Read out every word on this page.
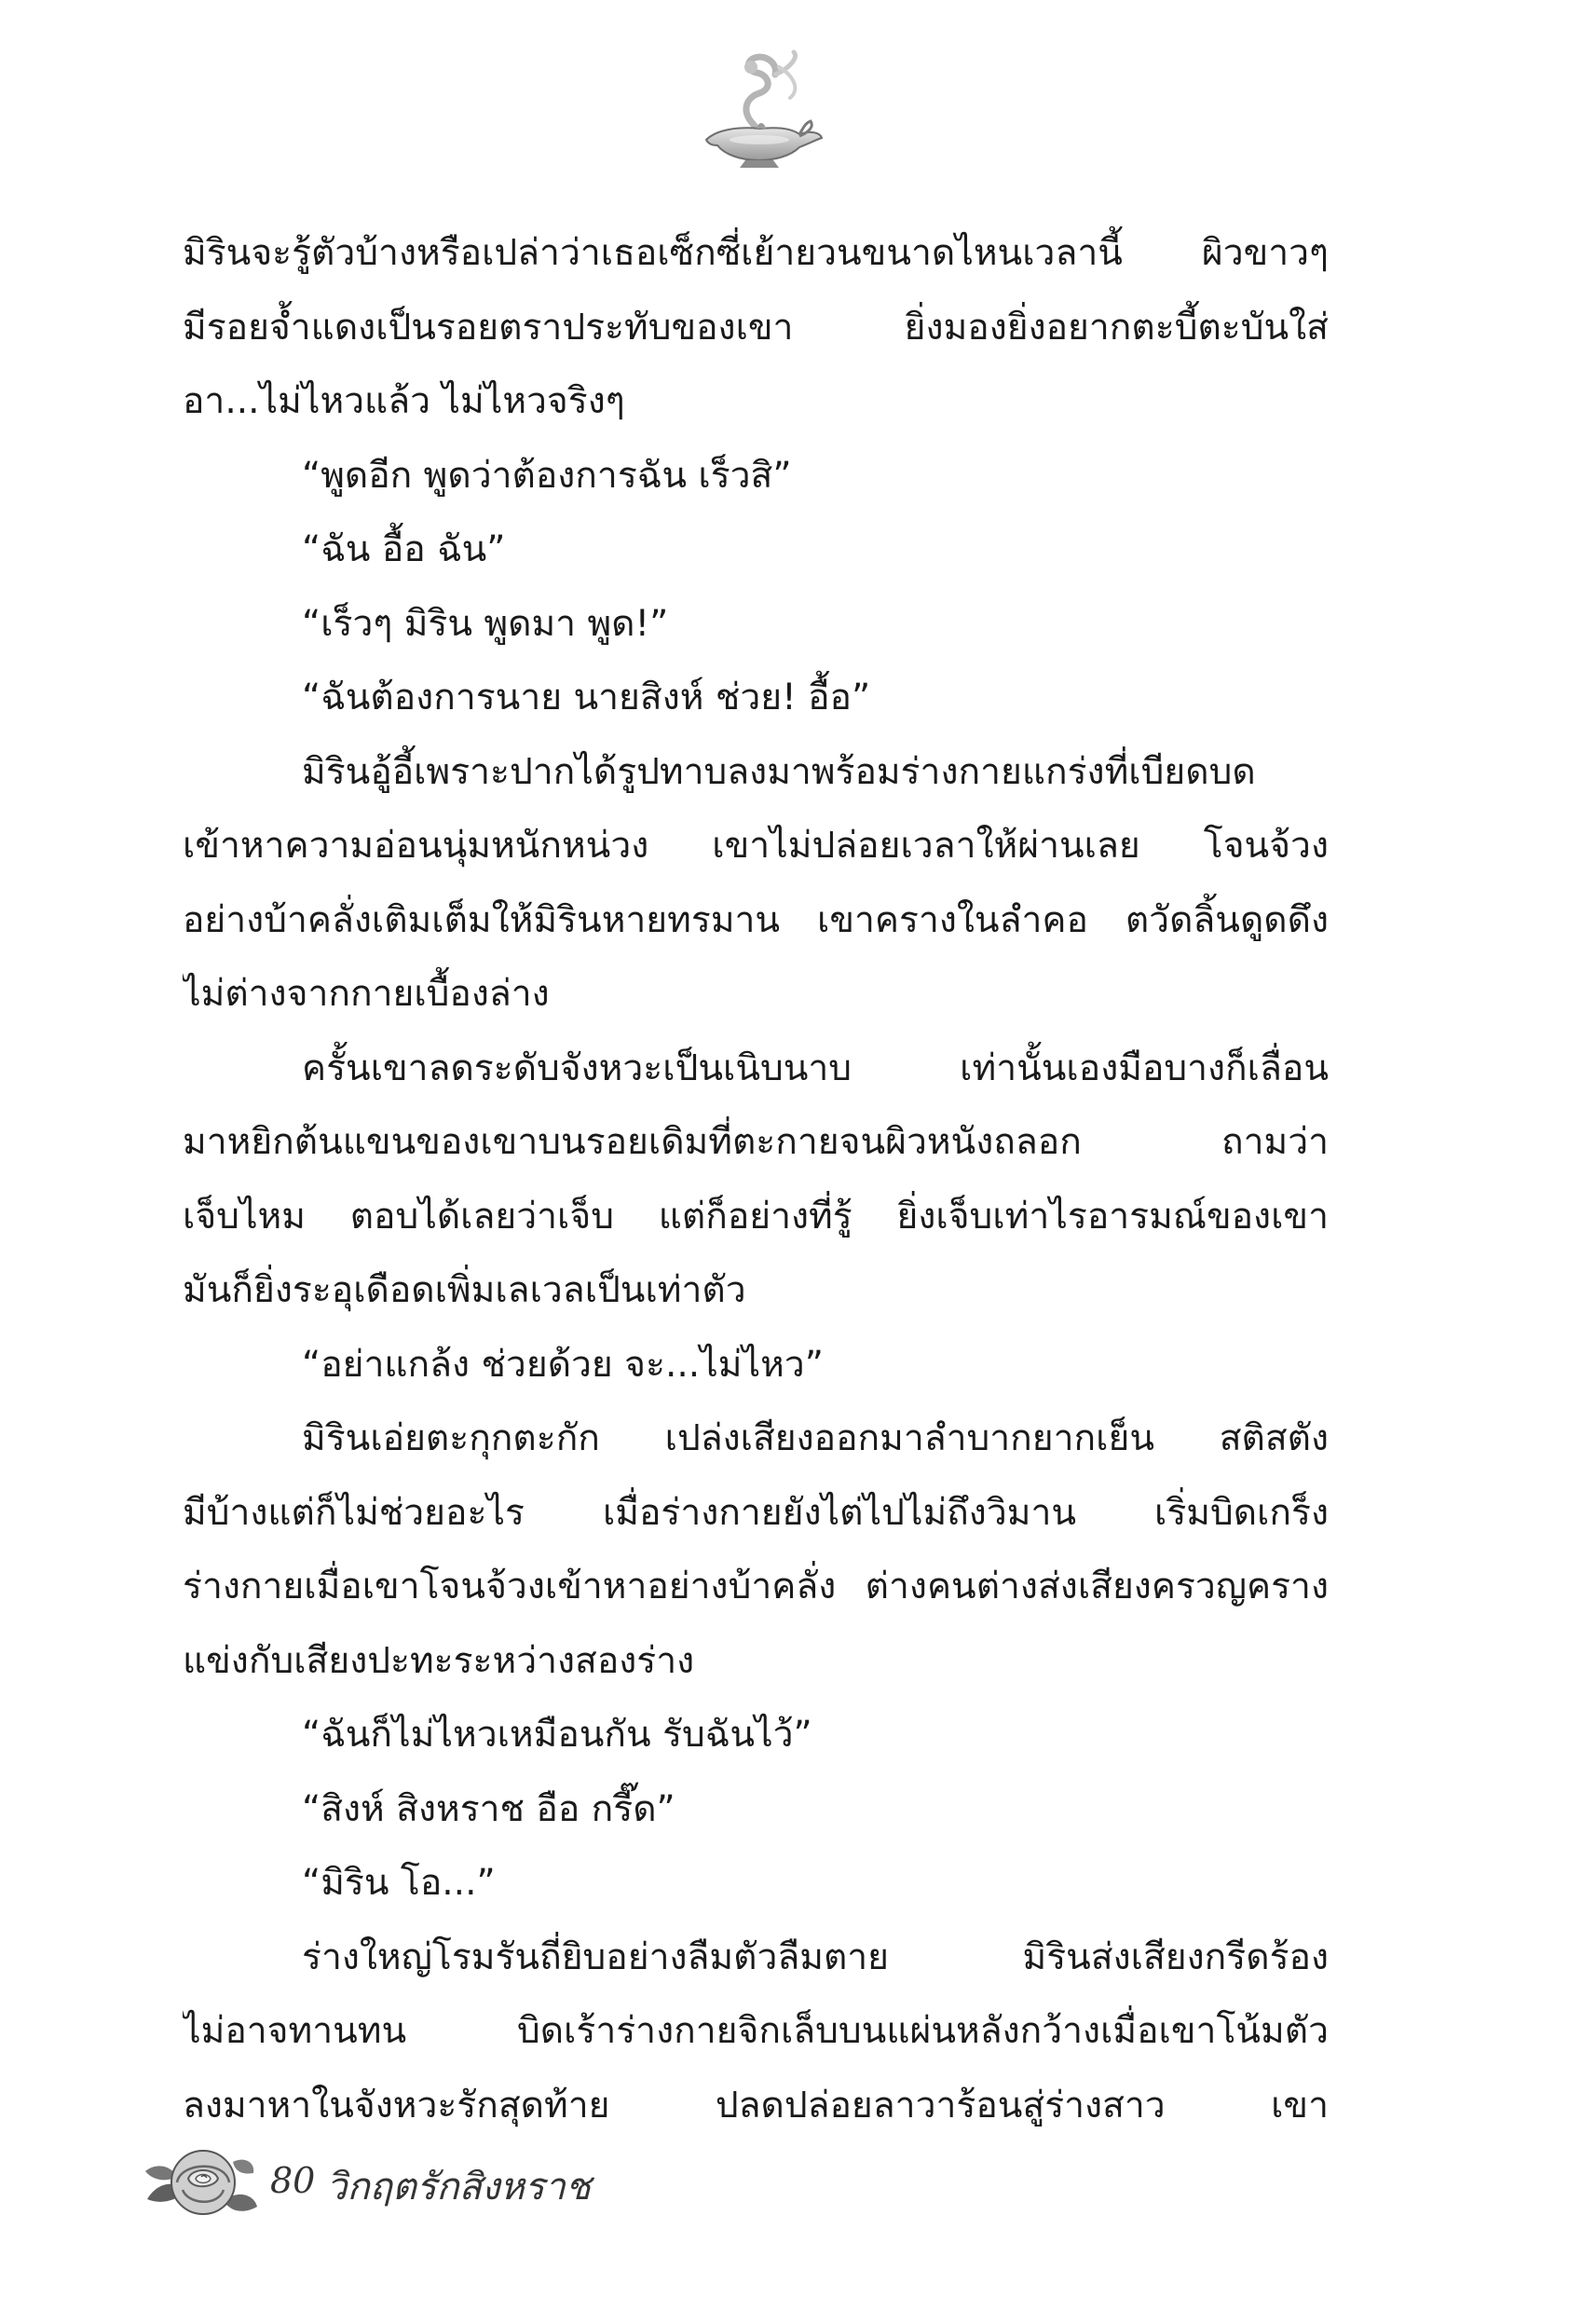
มิรินจะรู้ตัวบ้างหรือเปล่าว่าเธอเซ็กซี่เย้ายวนขนาดไหนเวลานี้ ผิวขาวๆ
มีรอยจ้ำแดงเป็นรอยตราประทับของเขา ยิ่งมองยิ่งอยากตะบี้ตะบันใส่
อา...ไม่ไหวแล้ว ไม่ไหวจริงๆ
“พูดอีก พูดว่าต้องการฉัน เร็วสิ”
“ฉัน อื้อ ฉัน”
“เร็วๆ มิริน พูดมา พูด!”
“ฉันต้องการนาย นายสิงห์ ช่วย! อื้อ”
มิรินอู้อี้เพราะปากได้รูปทาบลงมาพร้อมร่างกายแกร่งที่เบียดบด
เข้าหาความอ่อนนุ่มหนักหน่วง เขาไม่ปล่อยเวลาให้ผ่านเลย โจนจ้วง
อย่างบ้าคลั่งเติมเต็มให้มิรินหายทรมาน เขาครางในลำคอ ตวัดลิ้นดูดดึง
ไม่ต่างจากกายเบื้องล่าง
ครั้นเขาลดระดับจังหวะเป็นเนิบนาบ เท่านั้นเองมือบางก็เลื่อน
มาหยิกต้นแขนของเขาบนรอยเดิมที่ตะกายจนผิวหนังถลอก ถามว่า
เจ็บไหม ตอบได้เลยว่าเจ็บ แต่ก็อย่างที่รู้ ยิ่งเจ็บเท่าไรอารมณ์ของเขา
มันก็ยิ่งระอุเดือดเพิ่มเลเวลเป็นเท่าตัว
“อย่าแกล้ง ช่วยด้วย จะ...ไม่ไหว”
มิรินเอ่ยตะกุกตะกัก เปล่งเสียงออกมาลำบากยากเย็น สติสตัง
มีบ้างแต่ก็ไม่ช่วยอะไร เมื่อร่างกายยังไต่ไปไม่ถึงวิมาน เริ่มบิดเกร็ง
ร่างกายเมื่อเขาโจนจ้วงเข้าหาอย่างบ้าคลั่ง ต่างคนต่างส่งเสียงครวญคราง
แข่งกับเสียงปะทะระหว่างสองร่าง
“ฉันก็ไม่ไหวเหมือนกัน รับฉันไว้”
“สิงห์ สิงหราช อือ กรี๊ด”
“มิริน โอ...”
ร่างใหญ่โรมรันถี่ยิบอย่างลืมตัวลืมตาย มิรินส่งเสียงกรีดร้อง
ไม่อาจทานทน บิดเร้าร่างกายจิกเล็บบนแผ่นหลังกว้างเมื่อเขาโน้มตัว
ลงมาหาในจังหวะรักสุดท้าย ปลดปล่อยลาวาร้อนสู่ร่างสาว เขา
80 วิกฤตรักสิงหราช
